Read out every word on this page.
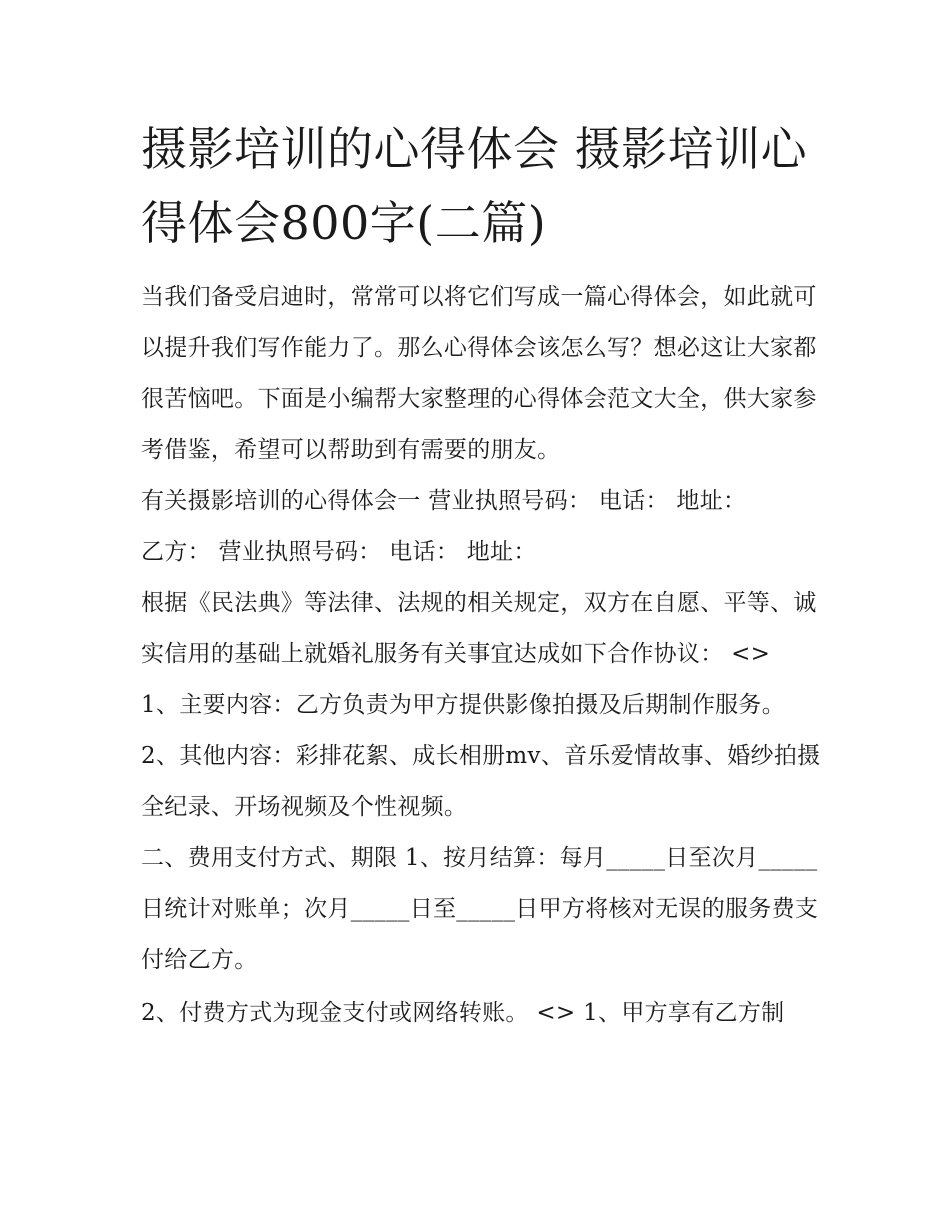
摄影培训的心得体会 摄影培训心得体会800字(二篇)

当我们备受启迪时，常常可以将它们写成一篇心得体会，如此就可以提升我们写作能力了。那么心得体会该怎么写？想必这让大家都很苦恼吧。下面是小编帮大家整理的心得体会范文大全，供大家参考借鉴，希望可以帮助到有需要的朋友。

有关摄影培训的心得体会一 营业执照号码： 电话： 地址：

乙方： 营业执照号码： 电话： 地址：

根据《民法典》等法律、法规的相关规定，双方在自愿、平等、诚实信用的基础上就婚礼服务有关事宜达成如下合作协议： <>

1、主要内容：乙方负责为甲方提供影像拍摄及后期制作服务。 2、其他内容：彩排花絮、成长相册mv、音乐爱情故事、婚纱拍摄全纪录、开场视频及个性视频。

二、费用支付方式、期限 1、按月结算：每月_____日至次月_____日统计对账单；次月_____日至_____日甲方将核对无误的服务费支付给乙方。

2、付费方式为现金支付或网络转账。 <> 1、甲方享有乙方制
